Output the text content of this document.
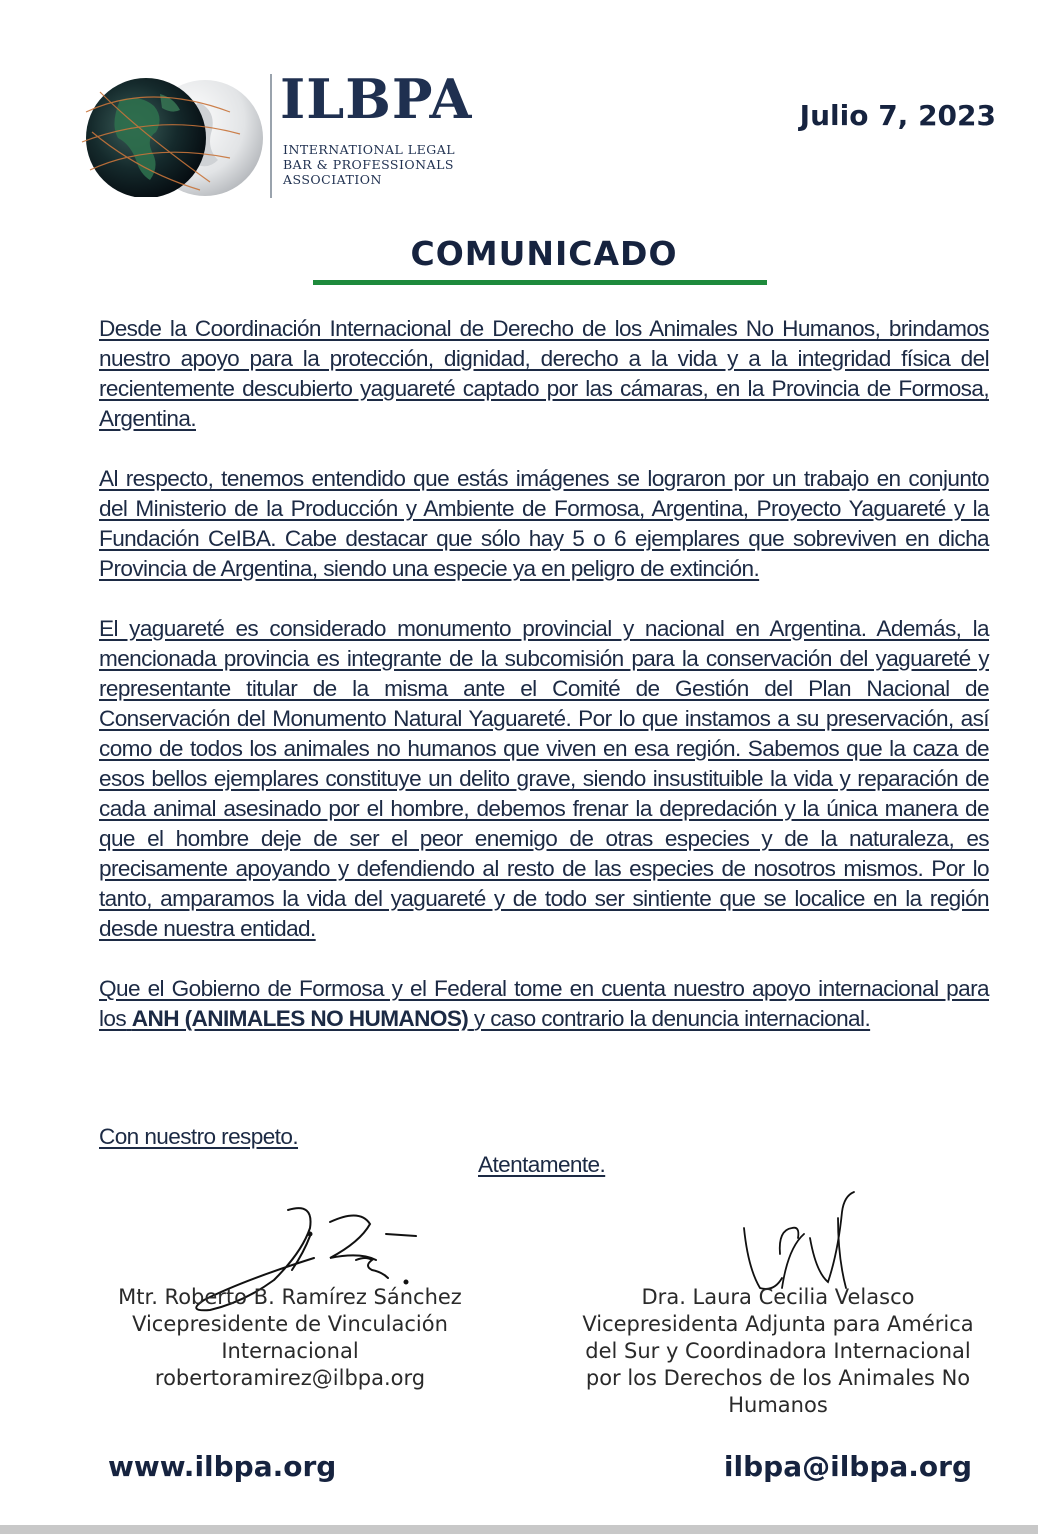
ILBPA
INTERNATIONAL LEGAL
BAR & PROFESSIONALS
ASSOCIATION
Julio 7, 2023
COMUNICADO

Desde la Coordinación Internacional de Derecho de los Animales No Humanos, brindamos nuestro apoyo para la protección, dignidad, derecho a la vida y a la integridad física del recientemente descubierto yaguareté captado por las cámaras, en la Provincia de Formosa, Argentina.

Al respecto, tenemos entendido que estás imágenes se lograron por un trabajo en conjunto del Ministerio de la Producción y Ambiente de Formosa, Argentina, Proyecto Yaguareté y la Fundación CeIBA. Cabe destacar que sólo hay 5 o 6 ejemplares que sobreviven en dicha Provincia de Argentina, siendo una especie ya en peligro de extinción.

El yaguareté es considerado monumento provincial y nacional en Argentina. Además, la mencionada provincia es integrante de la subcomisión para la conservación del yaguareté y representante titular de la misma ante el Comité de Gestión del Plan Nacional de Conservación del Monumento Natural Yaguareté. Por lo que instamos a su preservación, así como de todos los animales no humanos que viven en esa región. Sabemos que la caza de esos bellos ejemplares constituye un delito grave, siendo insustituible la vida y reparación de cada animal asesinado por el hombre, debemos frenar la depredación y la única manera de que el hombre deje de ser el peor enemigo de otras especies y de la naturaleza, es precisamente apoyando y defendiendo al resto de las especies de nosotros mismos. Por lo tanto, amparamos la vida del yaguareté y de todo ser sintiente que se localice en la región desde nuestra entidad.

Que el Gobierno de Formosa y el Federal tome en cuenta nuestro apoyo internacional para los ANH (ANIMALES NO HUMANOS) y caso contrario la denuncia internacional.

Con nuestro respeto.
Atentamente.
Mtr. Roberto B. Ramírez Sánchez
Vicepresidente de Vinculación
Internacional
robertoramirez@ilbpa.org
Dra. Laura Cecilia Velasco
Vicepresidenta Adjunta para América
del Sur y Coordinadora Internacional
por los Derechos de los Animales No
Humanos
www.ilbpa.org	ilbpa@ilbpa.org
